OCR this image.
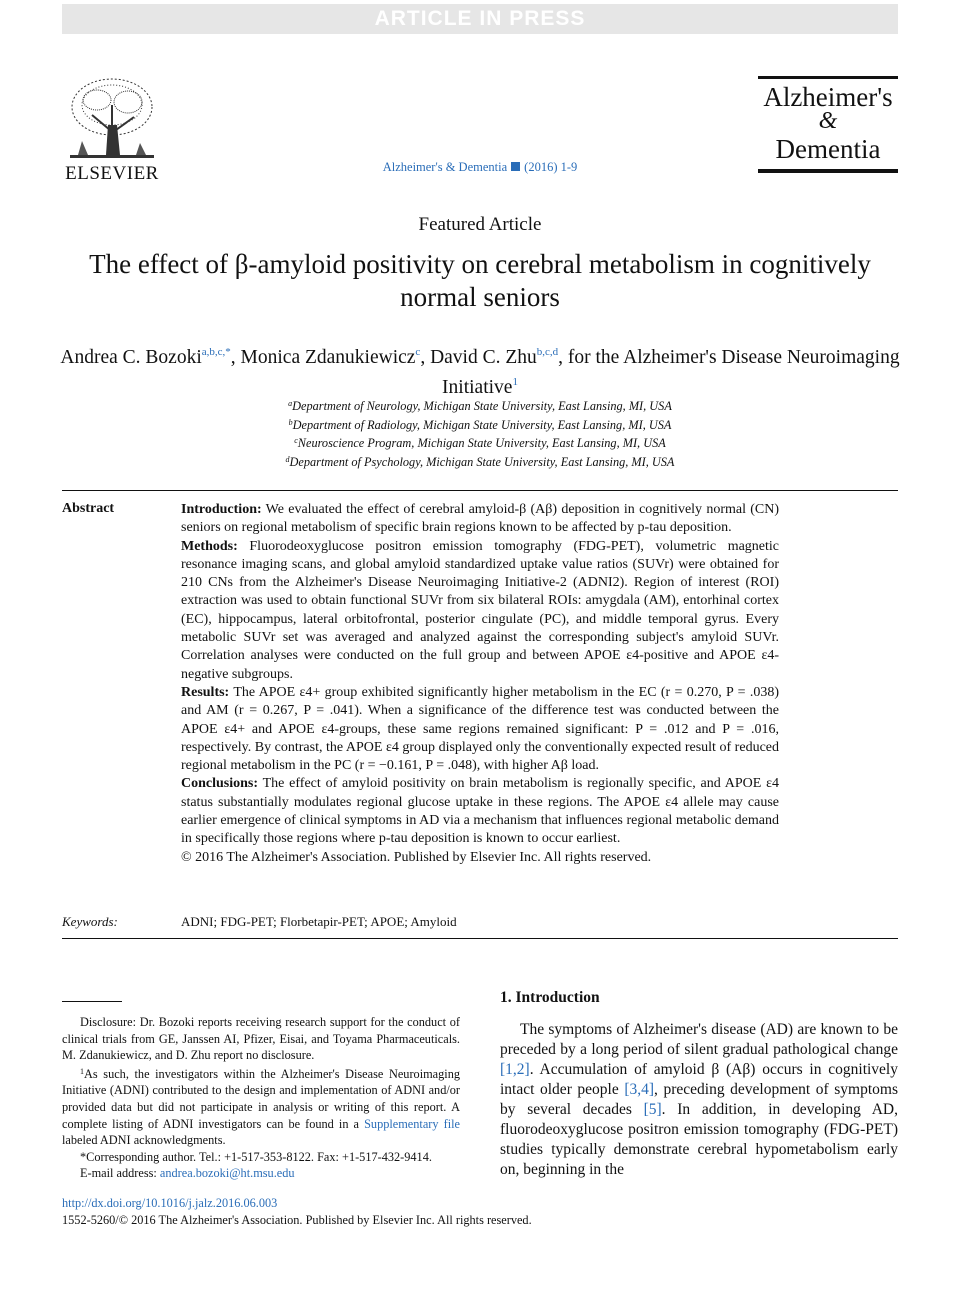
ARTICLE IN PRESS
ELSEVIER	Alzheimer's & Dementia (2016) 1-9
Alzheimer's
&
Dementia
Featured Article
The effect of β-amyloid positivity on cerebral metabolism in cognitively normal seniors
Andrea C. Bozoki$^{a,b,c,*}$, Monica Zdanukiewicz$^c$, David C. Zhu$^{b,c,d}$, for the Alzheimer's Disease Neuroimaging Initiative$^1$
$^a$Department of Neurology, Michigan State University, East Lansing, MI, USA
$^b$Department of Radiology, Michigan State University, East Lansing, MI, USA
$^c$Neuroscience Program, Michigan State University, East Lansing, MI, USA
$^d$Department of Psychology, Michigan State University, East Lansing, MI, USA
Abstract	Introduction: We evaluated the effect of cerebral amyloid-β (Aβ) deposition in cognitively normal (CN) seniors on regional metabolism of specific brain regions known to be affected by p-tau deposition.

Methods: Fluorodeoxyglucose positron emission tomography (FDG-PET), volumetric magnetic resonance imaging scans, and global amyloid standardized uptake value ratios (SUVr) were obtained for 210 CNs from the Alzheimer's Disease Neuroimaging Initiative-2 (ADNI2). Region of interest (ROI) extraction was used to obtain functional SUVr from six bilateral ROIs: amygdala (AM), entorhinal cortex (EC), hippocampus, lateral orbitofrontal, posterior cingulate (PC), and middle temporal gyrus. Every metabolic SUVr set was averaged and analyzed against the corresponding subject's amyloid SUVr. Correlation analyses were conducted on the full group and between APOE ε4-positive and APOE ε4-negative subgroups.

Results: The APOE ε4+ group exhibited significantly higher metabolism in the EC (r = 0.270, P = .038) and AM (r = 0.267, P = .041). When a significance of the difference test was conducted between the APOE ε4+ and APOE ε4-groups, these same regions remained significant: P = .012 and P = .016, respectively. By contrast, the APOE ε4 group displayed only the conventionally expected result of reduced regional metabolism in the PC (r = −0.161, P = .048), with higher Aβ load.

Conclusions: The effect of amyloid positivity on brain metabolism is regionally specific, and APOE ε4 status substantially modulates regional glucose uptake in these regions. The APOE ε4 allele may cause earlier emergence of clinical symptoms in AD via a mechanism that influences regional metabolic demand in specifically those regions where p-tau deposition is known to occur earliest.

© 2016 The Alzheimer's Association. Published by Elsevier Inc. All rights reserved.

Keywords:	ADNI; FDG-PET; Florbetapir-PET; APOE; Amyloid

Disclosure: Dr. Bozoki reports receiving research support for the conduct of clinical trials from GE, Janssen AI, Pfizer, Eisai, and Toyama Pharmaceuticals. M. Zdanukiewicz, and D. Zhu report no disclosure.

$^1$As such, the investigators within the Alzheimer's Disease Neuroimaging Initiative (ADNI) contributed to the design and implementation of ADNI and/or provided data but did not participate in analysis or writing of this report. A complete listing of ADNI investigators can be found in a Supplementary file labeled ADNI acknowledgments.

*Corresponding author. Tel.: +1-517-353-8122. Fax: +1-517-432-9414.

E-mail address: andrea.bozoki@ht.msu.edu

1. Introduction
The symptoms of Alzheimer's disease (AD) are known to be preceded by a long period of silent gradual pathological change [1,2]. Accumulation of amyloid β (Aβ) occurs in cognitively intact older people [3,4], preceding development of symptoms by several decades [5]. In addition, in developing AD, fluorodeoxyglucose positron emission tomography (FDG-PET) studies typically demonstrate cerebral hypometabolism early on, beginning in the
http://dx.doi.org/10.1016/j.jalz.2016.06.003
1552-5260/© 2016 The Alzheimer's Association. Published by Elsevier Inc. All rights reserved.
